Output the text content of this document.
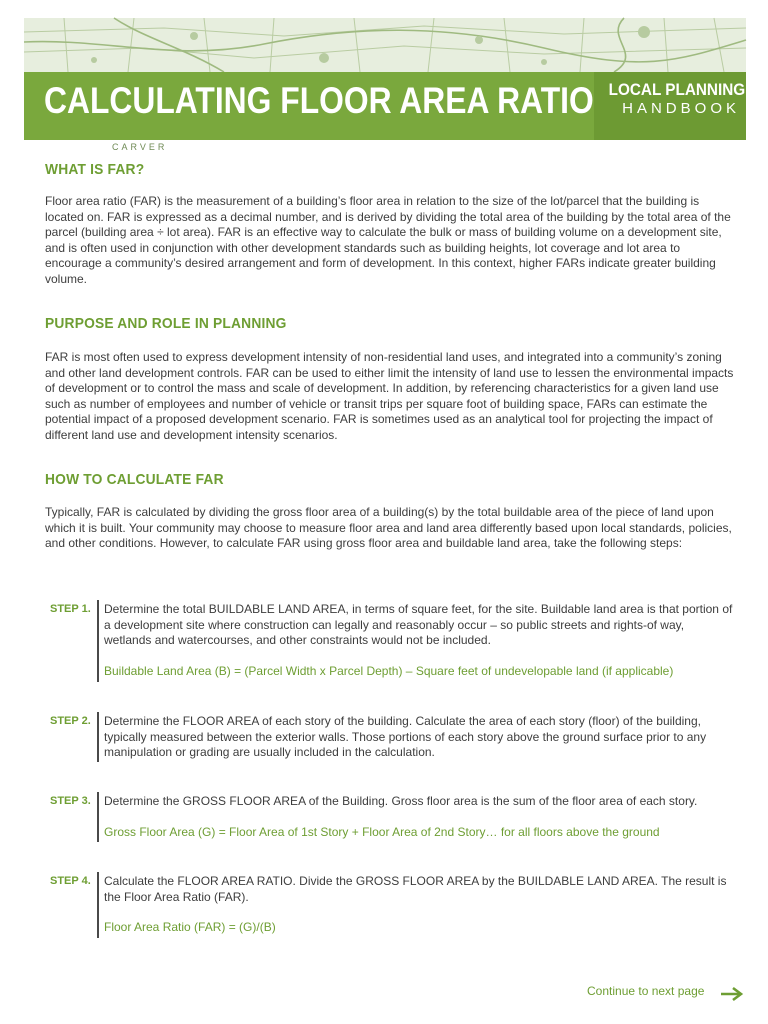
CALCULATING FLOOR AREA RATIO LOCAL PLANNING
HANDBOOK
CARVER
WHAT IS FAR?

Floor area ratio (FAR) is the measurement of a building’s floor area in relation to the size of the lot/parcel that the building is located on. FAR is expressed as a decimal number, and is derived by dividing the total area of the building by the total area of the parcel (building area ÷ lot area). FAR is an effective way to calculate the bulk or mass of building volume on a development site, and is often used in conjunction with other development standards such as building heights, lot coverage and lot area to encourage a community’s desired arrangement and form of development. In this context, higher FARs indicate greater building volume.

PURPOSE AND ROLE IN PLANNING

FAR is most often used to express development intensity of non-residential land uses, and integrated into a community’s zoning and other land development controls. FAR can be used to either limit the intensity of land use to lessen the environmental impacts of development or to control the mass and scale of development. In addition, by referencing characteristics for a given land use such as number of employees and number of vehicle or transit trips per square foot of building space, FARs can estimate the potential impact of a proposed development scenario. FAR is sometimes used as an analytical tool for projecting the impact of different land use and development intensity scenarios.

HOW TO CALCULATE FAR

Typically, FAR is calculated by dividing the gross floor area of a building(s) by the total buildable area of the piece of land upon which it is built. Your community may choose to measure floor area and land area differently based upon local standards, policies, and other conditions. However, to calculate FAR using gross floor area and buildable land area, take the following steps:

STEP 1. Determine the total BUILDABLE LAND AREA, in terms of square feet, for the site. Buildable land area is that portion of a development site where construction can legally and reasonably occur – so public streets and rights-of way, wetlands and watercourses, and other constraints would not be included.

Buildable Land Area (B) = (Parcel Width x Parcel Depth) – Square feet of undevelopable land (if applicable)

STEP 2. Determine the FLOOR AREA of each story of the building. Calculate the area of each story (floor) of the building, typically measured between the exterior walls. Those portions of each story above the ground surface prior to any manipulation or grading are usually included in the calculation.

STEP 3. Determine the GROSS FLOOR AREA of the Building. Gross floor area is the sum of the floor area of each story.

Gross Floor Area (G) = Floor Area of 1st Story + Floor Area of 2nd Story… for all floors above the ground

STEP 4. Calculate the FLOOR AREA RATIO. Divide the GROSS FLOOR AREA by the BUILDABLE LAND AREA. The result is the Floor Area Ratio (FAR).

Floor Area Ratio (FAR) = (G)/(B)

Continue to next page
